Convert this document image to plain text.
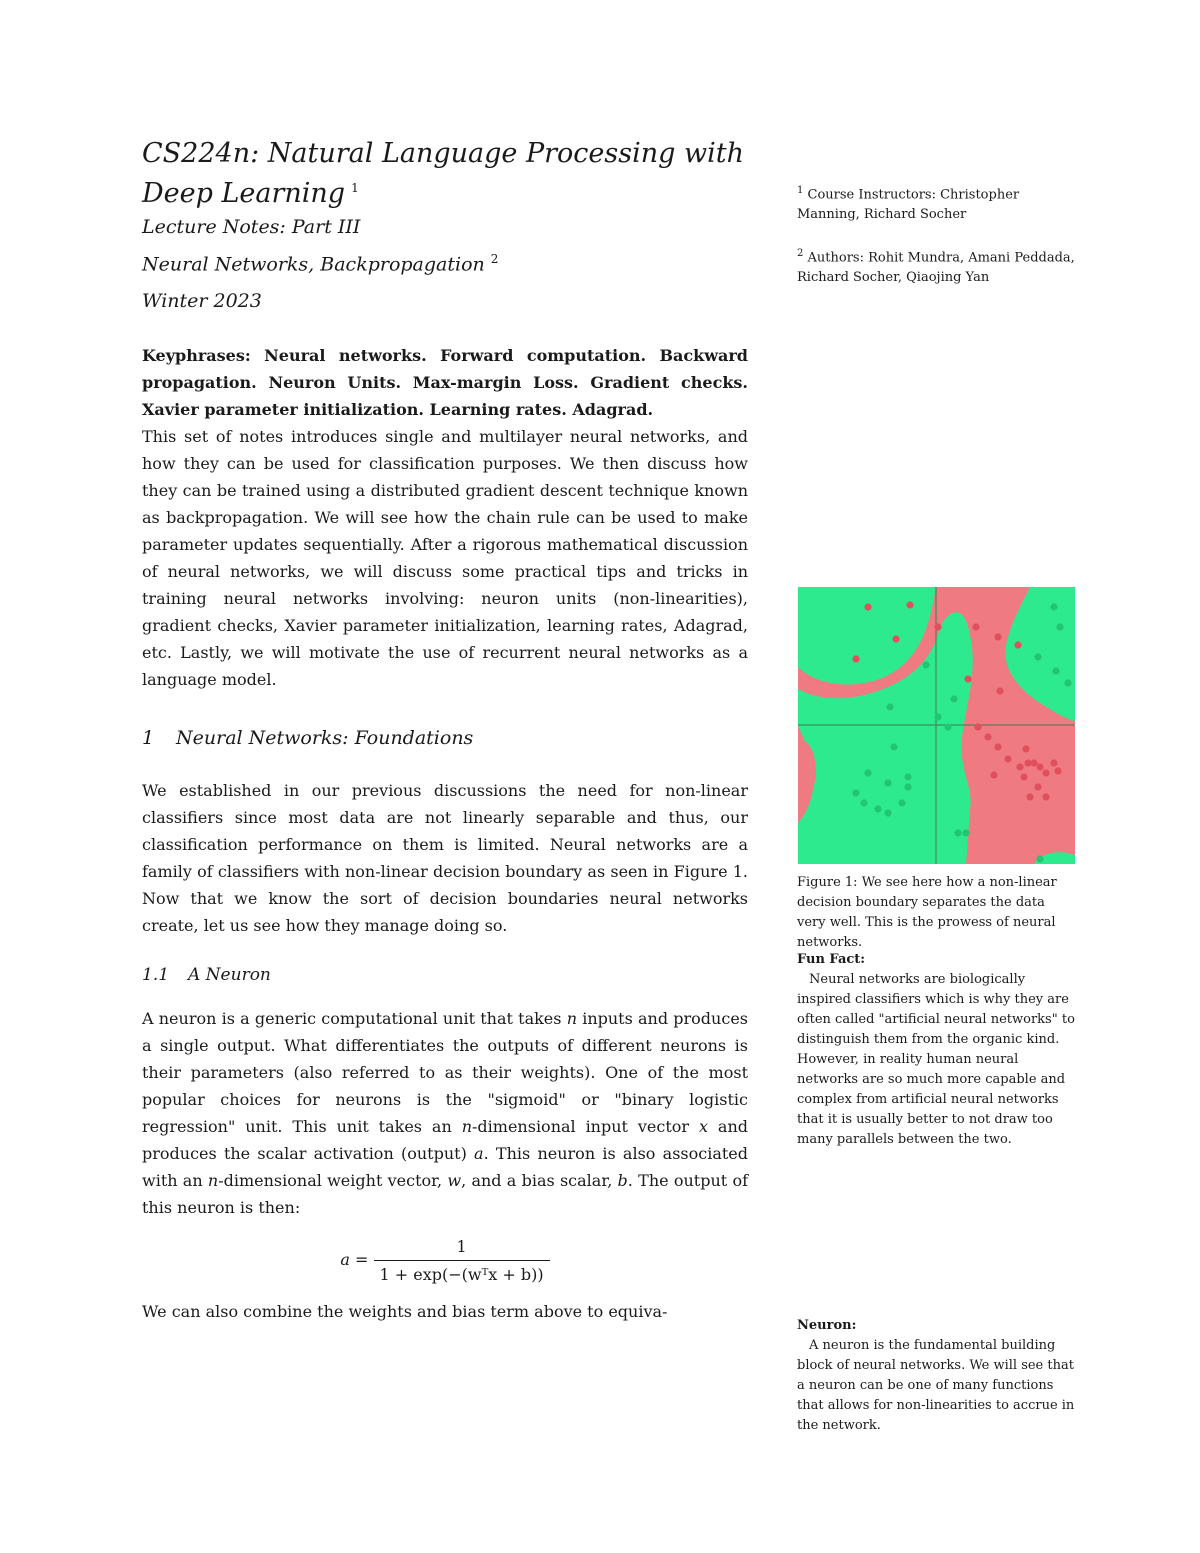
CS224n: Natural Language Processing with Deep Learning $^1$
Lecture Notes: Part III
Neural Networks, Backpropagation $^2$
Winter 2023
Keyphrases: Neural networks. Forward computation. Backward propagation. Neuron Units. Max-margin Loss. Gradient checks. Xavier parameter initialization. Learning rates. Adagrad.

This set of notes introduces single and multilayer neural networks, and how they can be used for classification purposes. We then discuss how they can be trained using a distributed gradient descent technique known as backpropagation. We will see how the chain rule can be used to make parameter updates sequentially. After a rigorous mathematical discussion of neural networks, we will discuss some practical tips and tricks in training neural networks involving: neuron units (non-linearities), gradient checks, Xavier parameter initialization, learning rates, Adagrad, etc. Lastly, we will motivate the use of recurrent neural networks as a language model.

1 Neural Networks: Foundations

We established in our previous discussions the need for non-linear classifiers since most data are not linearly separable and thus, our classification performance on them is limited. Neural networks are a family of classifiers with non-linear decision boundary as seen in Figure 1. Now that we know the sort of decision boundaries neural networks create, let us see how they manage doing so.

1.1 A Neuron

A neuron is a generic computational unit that takes n inputs and produces a single output. What differentiates the outputs of different neurons is their parameters (also referred to as their weights). One of the most popular choices for neurons is the "sigmoid" or "binary logistic regression" unit. This unit takes an n-dimensional input vector x and produces the scalar activation (output) a. This neuron is also associated with an n-dimensional weight vector, w, and a bias scalar, b. The output of this neuron is then:

$a = \frac{1}{\text{1 + exp(−(wᵀx + b))}}$

We can also combine the weights and bias term above to equiva-

$^1$ Course Instructors: Christopher Manning, Richard Socher
$^2$ Authors: Rohit Mundra, Amani Peddada, Richard Socher, Qiaojing Yan
Figure 1: We see here how a non-linear decision boundary separates the data very well. This is the prowess of neural networks.
Fun Fact:

Neural networks are biologically inspired classifiers which is why they are often called "artificial neural networks" to distinguish them from the organic kind. However, in reality human neural networks are so much more capable and complex from artificial neural networks that it is usually better to not draw too many parallels between the two.

Neuron:

A neuron is the fundamental building block of neural networks. We will see that a neuron can be one of many functions that allows for non-linearities to accrue in the network.
